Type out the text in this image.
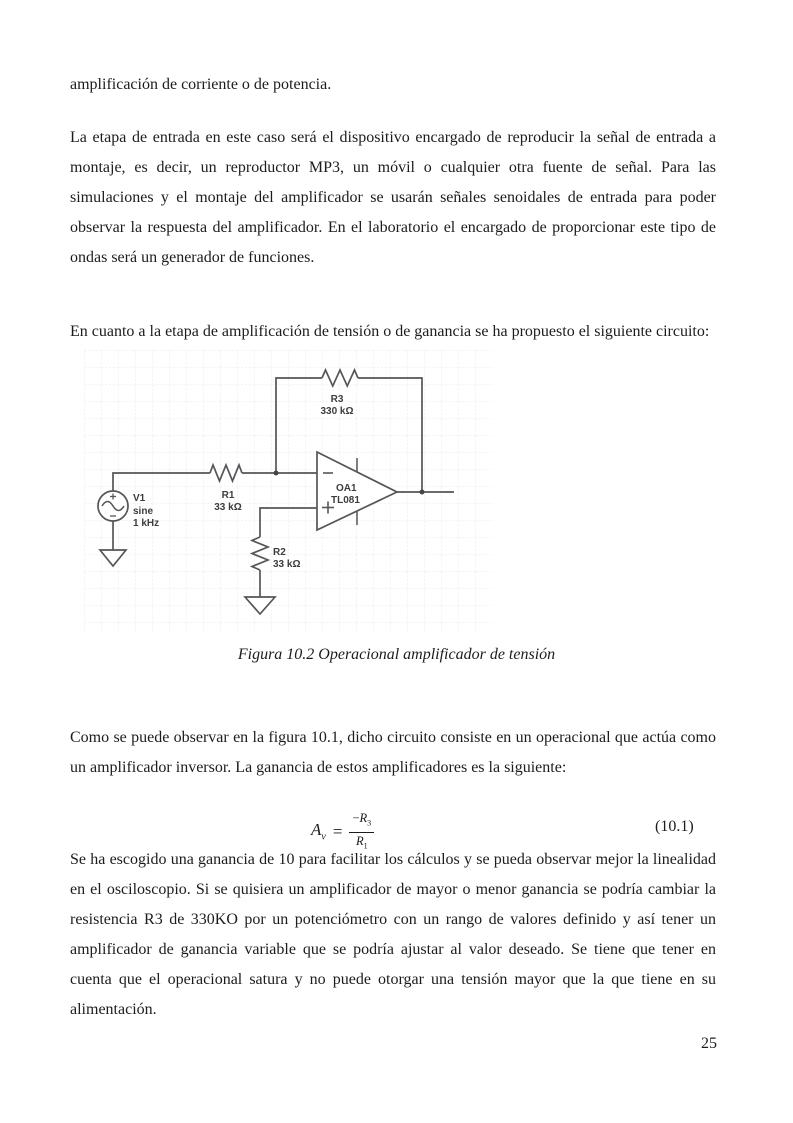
amplificación de corriente o de potencia.

La etapa de entrada en este caso será el dispositivo encargado de reproducir la señal de entrada a montaje, es decir, un reproductor MP3, un móvil o cualquier otra fuente de señal. Para las simulaciones y el montaje del amplificador se usarán señales senoidales de entrada para poder observar la respuesta del amplificador. En el laboratorio el encargado de proporcionar este tipo de ondas será un generador de funciones.

En cuanto a la etapa de amplificación de tensión o de ganancia se ha propuesto el siguiente circuito:

V1
sine
1 kHz
R1
33 kΩ
R3
330 kΩ
R2
33 kΩ
OA1
TL081

Figura 10.2 Operacional amplificador de tensión

Como se puede observar en la figura 10.1, dicho circuito consiste en un operacional que actúa como un amplificador inversor. La ganancia de estos amplificadores es la siguiente:

$A_v = \frac{-R_3}{R_1}$	(10.1)

Se ha escogido una ganancia de 10 para facilitar los cálculos y se pueda observar mejor la linealidad en el osciloscopio. Si se quisiera un amplificador de mayor o menor ganancia se podría cambiar la resistencia R3 de 330KO por un potenciómetro con un rango de valores definido y así tener un amplificador de ganancia variable que se podría ajustar al valor deseado. Se tiene que tener en cuenta que el operacional satura y no puede otorgar una tensión mayor que la que tiene en su alimentación.

25
